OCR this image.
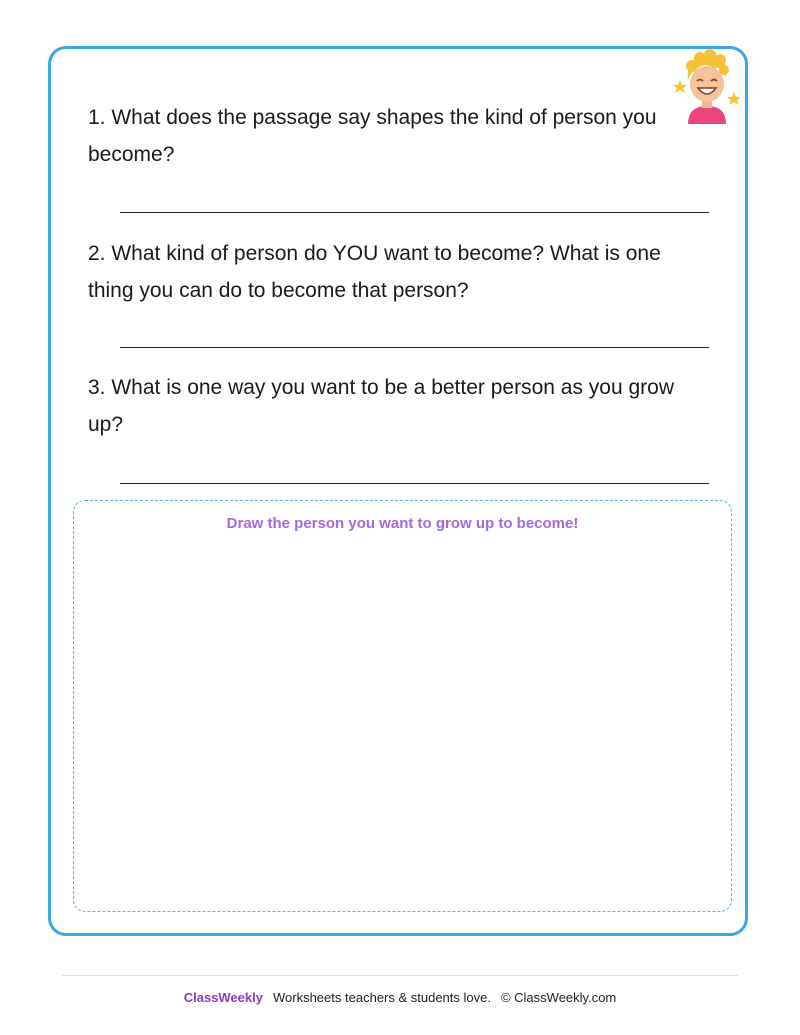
1. What does the passage say shapes the kind of person you become?
2. What kind of person do YOU want to become? What is one thing you can do to become that person?
3. What is one way you want to be a better person as you grow up?
Draw the person you want to grow up to become!
ClassWeekly Worksheets teachers & students love. © ClassWeekly.com
